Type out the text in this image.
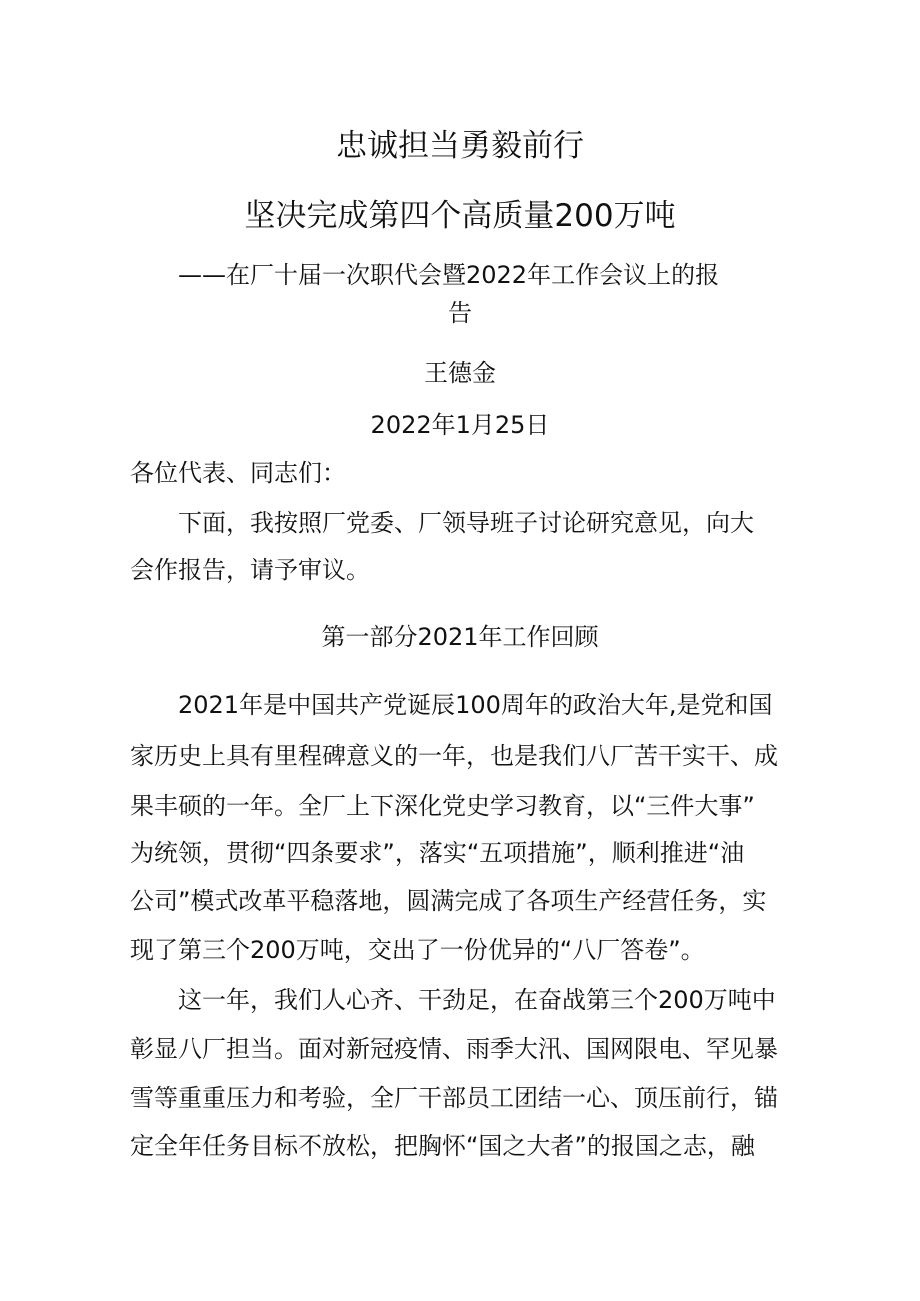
忠诚担当勇毅前行
坚决完成第四个高质量200万吨

——在厂十届一次职代会暨2022年工作会议上的报

告

王德金

2022年1月25日

各位代表、同志们：

下面，我按照厂党委、厂领导班子讨论研究意见，向大

会作报告，请予审议。

第一部分2021年工作回顾

2021年是中国共产党诞辰100周年的政治大年,是党和国

家历史上具有里程碑意义的一年，也是我们八厂苦干实干、成

果丰硕的一年。全厂上下深化党史学习教育，以“三件大事”

为统领，贯彻“四条要求”，落实“五项措施”，顺利推进“油

公司”模式改革平稳落地，圆满完成了各项生产经营任务，实

现了第三个200万吨，交出了一份优异的“八厂答卷”。

这一年，我们人心齐、干劲足，在奋战第三个200万吨中

彰显八厂担当。面对新冠疫情、雨季大汛、国网限电、罕见暴

雪等重重压力和考验，全厂干部员工团结一心、顶压前行，锚

定全年任务目标不放松，把胸怀“国之大者”的报国之志，融
